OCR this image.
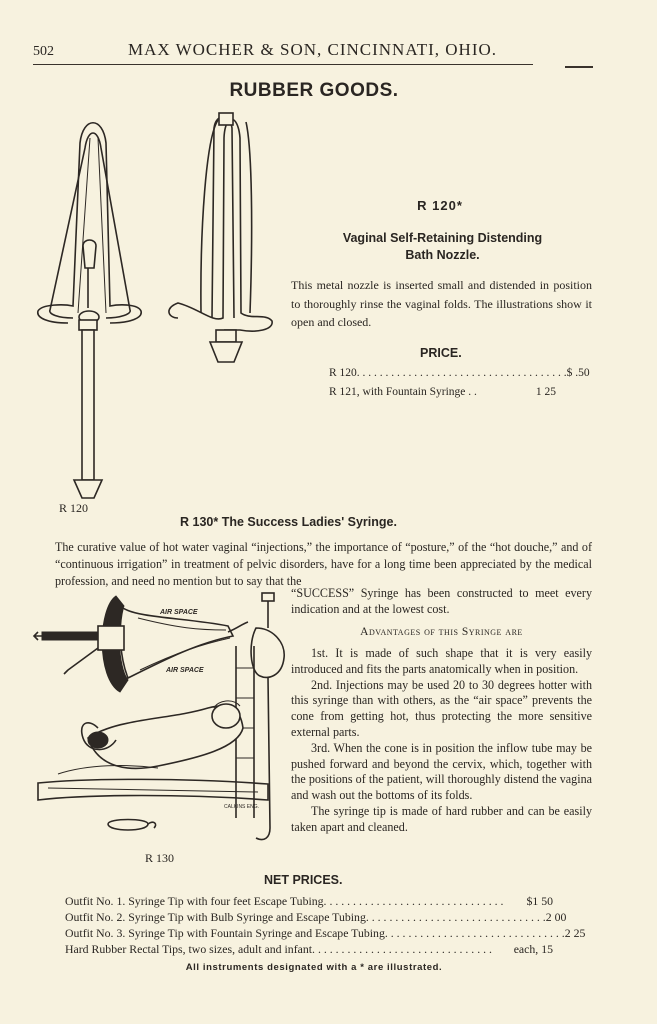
502	MAX WOCHER & SON, CINCINNATI, OHIO.
RUBBER GOODS.
R 120
R 120*
Vaginal Self-Retaining Distending
Bath Nozzle.
This metal nozzle is inserted small and distended in position to thoroughly rinse the vaginal folds. The illustrations show it open and closed.
PRICE.
R 120 . . . . . . . . . . . . . . . . . . . . . . . . . . . . . . . . . . . . . $ .50
R 121, with Fountain Syringe . .	1 25
R 130* The Success Ladies' Syringe.
The curative value of hot water vaginal “injections,” the importance of “posture,” of the “hot douche,” and of “continuous irrigation” in treatment of pelvic disorders, have for a long time been appreciated by the medical profession, and need no mention but to say that the
“SUCCESS” Syringe has been constructed to meet every indication and at the lowest cost.
Advantages of this Syringe are

1st. It is made of such shape that it is very easily introduced and fits the parts anatomically when in position.

2nd. Injections may be used 20 to 30 degrees hotter with this syringe than with others, as the “air space” prevents the cone from getting hot, thus protecting the more sensitive external parts.

3rd. When the cone is in position the inflow tube may be pushed forward and beyond the cervix, which, together with the positions of the patient, will thoroughly distend the vagina and wash out the bottoms of its folds.

The syringe tip is made of hard rubber and can be easily taken apart and cleaned.

AIR SPACE
AIR SPACE
CALKINS ENG.
R 130
NET PRICES.
Outfit No. 1. Syringe Tip with four feet Escape Tubing . . . . . . . . . . . . . . . . . . . . . . . . . . . . . . .	$1 50
Outfit No. 2. Syringe Tip with Bulb Syringe and Escape Tubing . . . . . . . . . . . . . . . . . . . . . . . . . . . . . . . 2 00
Outfit No. 3. Syringe Tip with Fountain Syringe and Escape Tubing . . . . . . . . . . . . . . . . . . . . . . . . . . . . . . . 2 25
Hard Rubber Rectal Tips, two sizes, adult and infant . . . . . . . . . . . . . . . . . . . . . . . . . . . . . . .	each, 15
All instruments designated with a * are illustrated.
